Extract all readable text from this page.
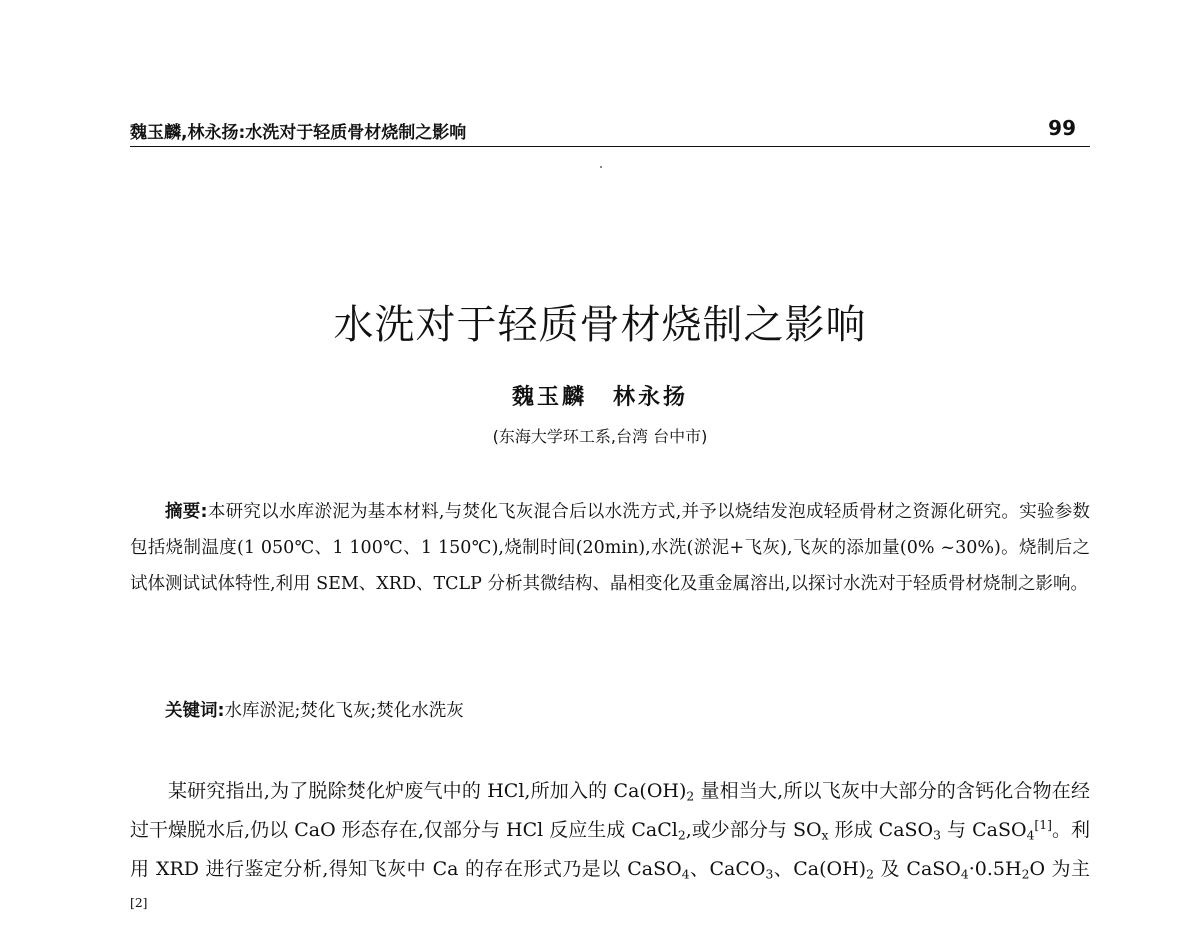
魏玉麟,林永扬:水洗对于轻质骨材烧制之影响	99
水洗对于轻质骨材烧制之影响
魏玉麟 林永扬
(东海大学环工系,台湾 台中市)

摘要:本研究以水库淤泥为基本材料,与焚化飞灰混合后以水洗方式,并予以烧结发泡成轻质骨材之资源化研究。实验参数包括烧制温度(1 050℃、1 100℃、1 150℃),烧制时间(20min),水洗(淤泥+飞灰),飞灰的添加量(0% ~30%)。烧制后之试体测试试体特性,利用 SEM、XRD、TCLP 分析其微结构、晶相变化及重金属溶出,以探讨水洗对于轻质骨材烧制之影响。

关键词:水库淤泥;焚化飞灰;焚化水洗灰

某研究指出,为了脱除焚化炉废气中的 HCl,所加入的 $Ca(OH)_2$ 量相当大,所以飞灰中大部分的含钙化合物在经过干燥脱水后,仍以 CaO 形态存在,仅部分与 HCl 反应生成 CaCl$_2$,或少部分与 $SO_x$ 形成 CaSO$_3$ 与 CaSO$_4$[1]。利用 XRD 进行鉴定分析,得知飞灰中 Ca 的存在形式乃是以 CaSO$_4$、CaCO$_3$、$Ca(OH)_2$ 及 $CaSO_4\cdot 0.5H_2O$ 为主[2]
